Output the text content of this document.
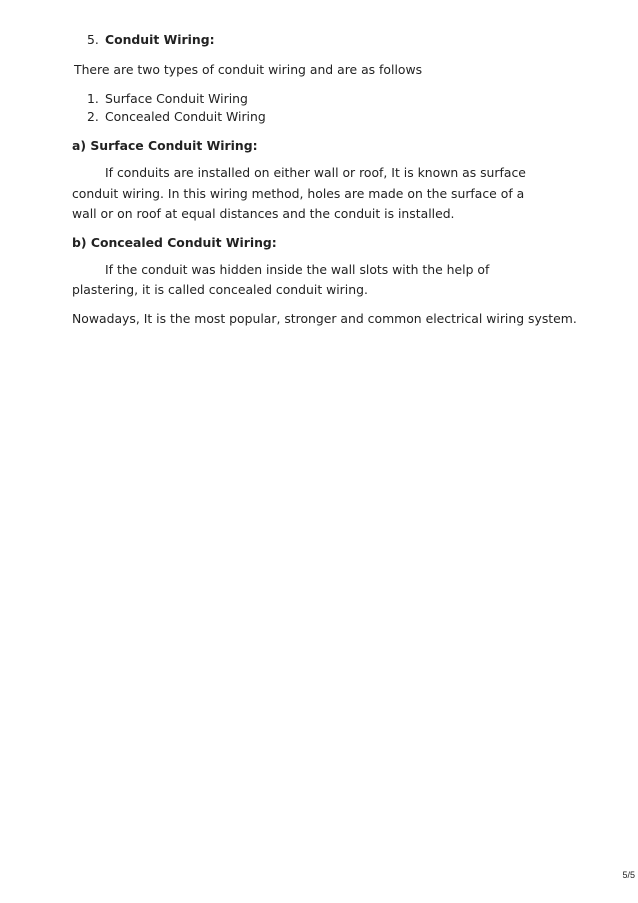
5. Conduit Wiring:
There are two types of conduit wiring and are as follows
1. Surface Conduit Wiring
2. Concealed Conduit Wiring
a) Surface Conduit Wiring:
If conduits are installed on either wall or roof, It is known as surface conduit wiring. In this wiring method, holes are made on the surface of a wall or on roof at equal distances and the conduit is installed.
b) Concealed Conduit Wiring:
If the conduit was hidden inside the wall slots with the help of plastering, it is called concealed conduit wiring.
Nowadays, It is the most popular, stronger and common electrical wiring system.
5/5
